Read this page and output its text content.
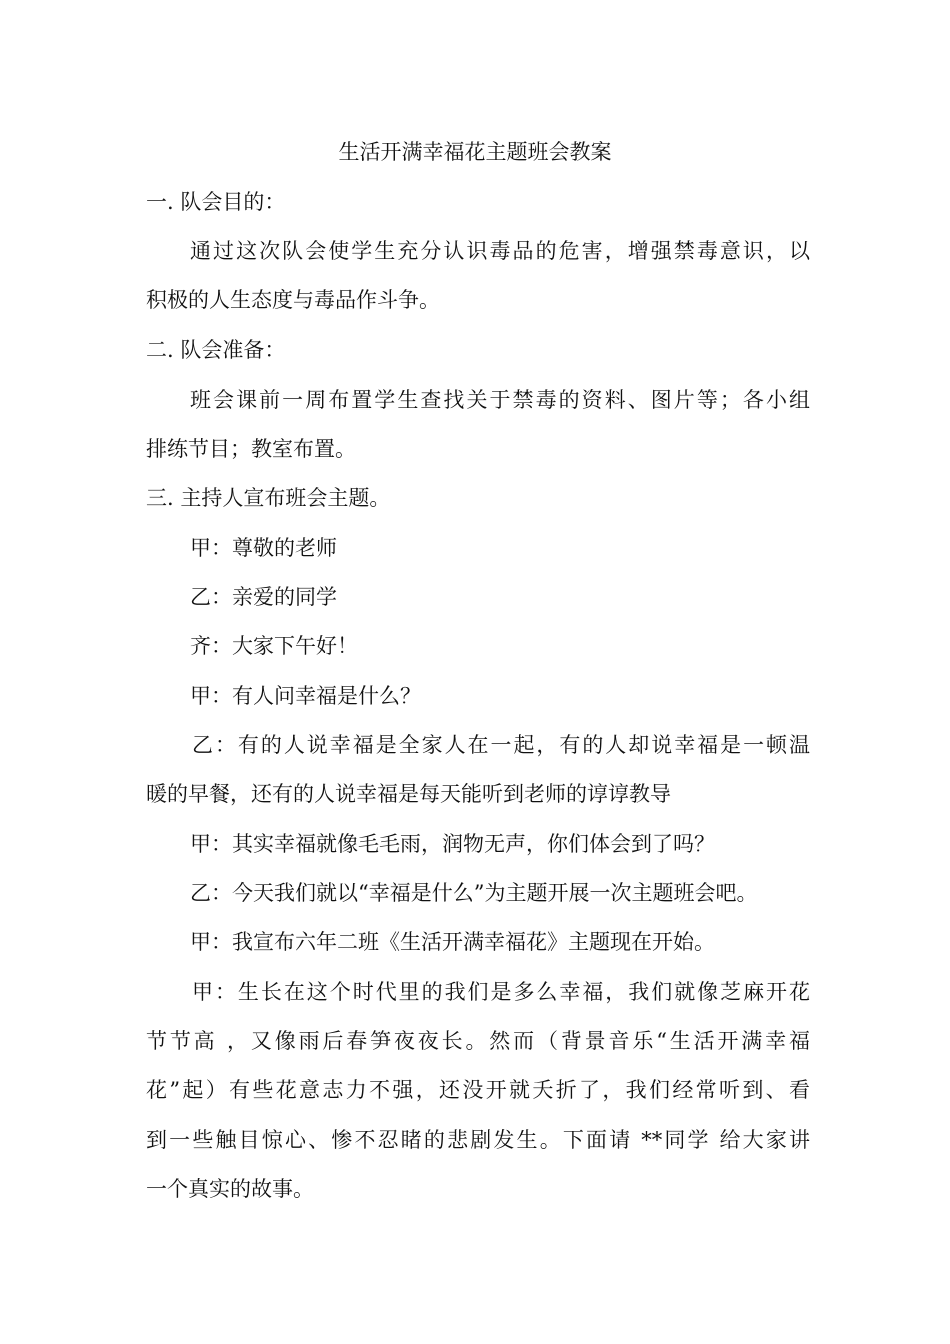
生活开满幸福花主题班会教案
一. 队会目的：
通过这次队会使学生充分认识毒品的危害，增强禁毒意识，以
积极的人生态度与毒品作斗争。
二. 队会准备：
班会课前一周布置学生查找关于禁毒的资料、图片等；各小组
排练节目；教室布置。
三. 主持人宣布班会主题。
甲：尊敬的老师
乙：亲爱的同学
齐：大家下午好！
甲：有人问幸福是什么？
乙：有的人说幸福是全家人在一起，有的人却说幸福是一顿温
暖的早餐，还有的人说幸福是每天能听到老师的谆谆教导
甲：其实幸福就像毛毛雨，润物无声，你们体会到了吗？
乙：今天我们就以“幸福是什么”为主题开展一次主题班会吧。
甲：我宣布六年二班《生活开满幸福花》主题现在开始。
甲：生长在这个时代里的我们是多么幸福，我们就像芝麻开花
节节高 ，又像雨后春笋夜夜长。然而（背景音乐“生活开满幸福
花”起）有些花意志力不强，还没开就夭折了，我们经常听到、看
到一些触目惊心、惨不忍睹的悲剧发生。下面请 **同学 给大家讲
一个真实的故事。
